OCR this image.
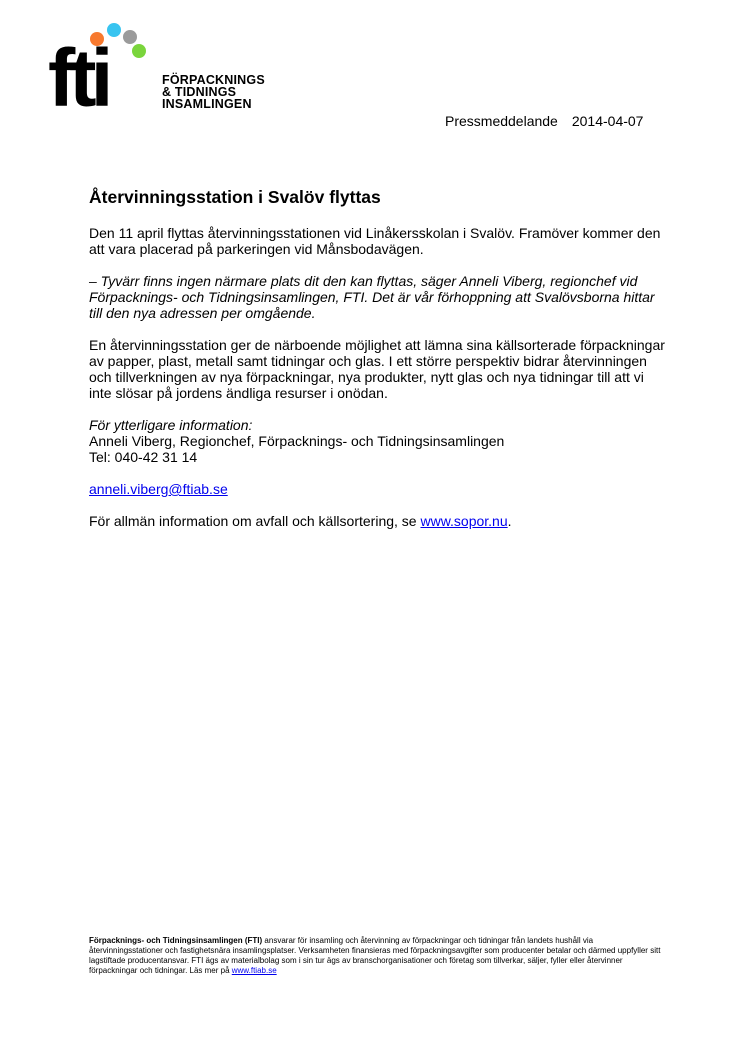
fti	FÖRPACKNINGS
& TIDNINGS
INSAMLINGEN
Pressmeddelande 2014-04-07
Återvinningsstation i Svalöv flyttas

Den 11 april flyttas återvinningsstationen vid Linåkersskolan i Svalöv. Framöver kommer den att vara placerad på parkeringen vid Månsbodavägen.

– Tyvärr finns ingen närmare plats dit den kan flyttas, säger Anneli Viberg, regionchef vid Förpacknings- och Tidningsinsamlingen, FTI. Det är vår förhoppning att Svalövsborna hittar till den nya adressen per omgående.

En återvinningsstation ger de närboende möjlighet att lämna sina källsorterade förpackningar av papper, plast, metall samt tidningar och glas. I ett större perspektiv bidrar återvinningen och tillverkningen av nya förpackningar, nya produkter, nytt glas och nya tidningar till att vi inte slösar på jordens ändliga resurser i onödan.

För ytterligare information:
Anneli Viberg, Regionchef, Förpacknings- och Tidningsinsamlingen
Tel: 040-42 31 14

anneli.viberg@ftiab.se

För allmän information om avfall och källsortering, se www.sopor.nu.

Förpacknings- och Tidningsinsamlingen (FTI) ansvarar för insamling och återvinning av förpackningar och tidningar från landets hushåll via återvinningsstationer och fastighetsnära insamlingsplatser. Verksamheten finansieras med förpackningsavgifter som producenter betalar och därmed uppfyller sitt lagstiftade producentansvar. FTI ägs av materialbolag som i sin tur ägs av branschorganisationer och företag som tillverkar, säljer, fyller eller återvinner förpackningar och tidningar. Läs mer på www.ftiab.se
